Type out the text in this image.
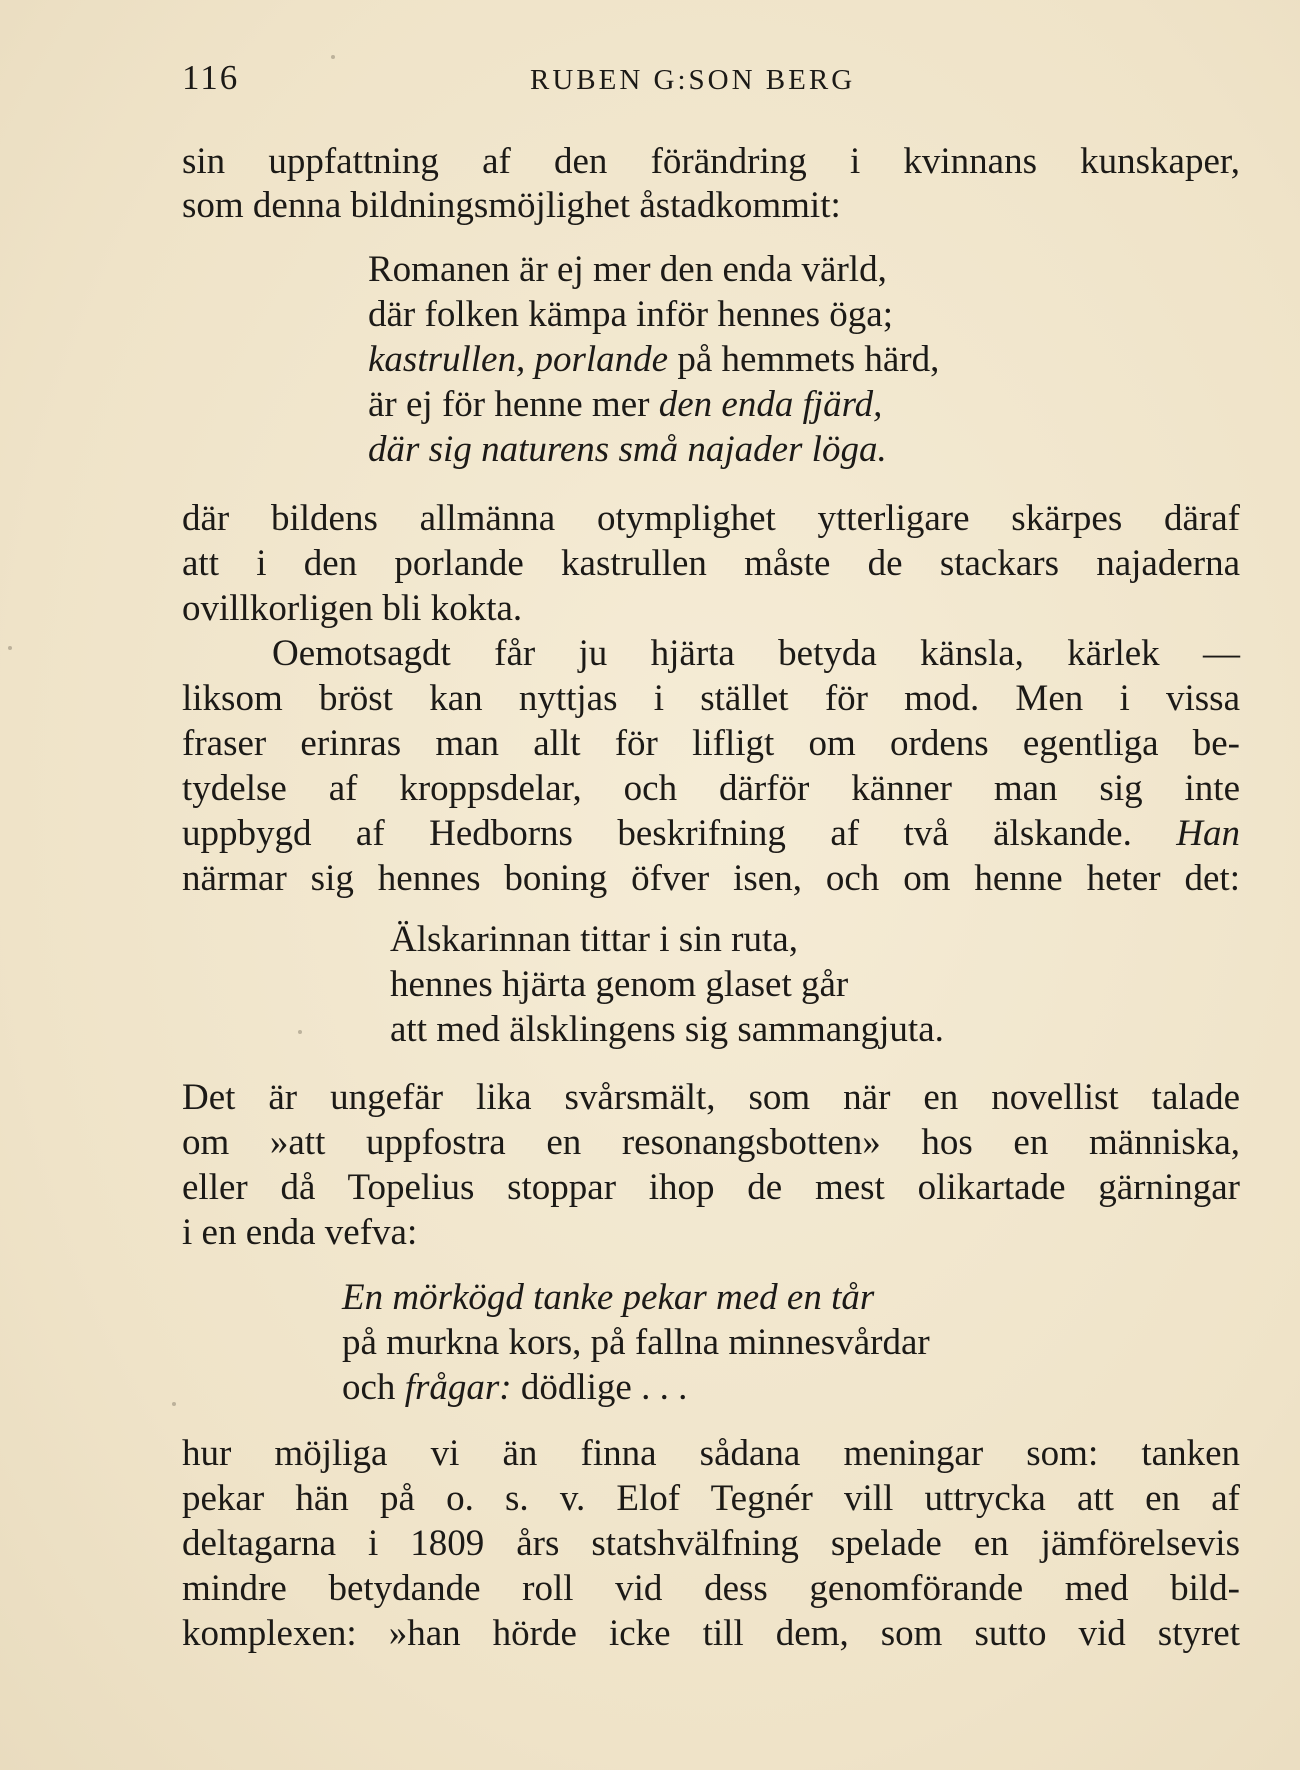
116	RUBEN G:SON BERG
sin uppfattning af den förändring i kvinnans kunskaper,
som denna bildningsmöjlighet åstadkommit:
Romanen är ej mer den enda värld,
där folken kämpa inför hennes öga;
kastrullen, porlande på hemmets härd,
är ej för henne mer den enda fjärd,
där sig naturens små najader löga.
där bildens allmänna otymplighet ytterligare skärpes däraf
att i den porlande kastrullen måste de stackars najaderna
ovillkorligen bli kokta.
Oemotsagdt får ju hjärta betyda känsla, kärlek —
liksom bröst kan nyttjas i stället för mod. Men i vissa
fraser erinras man allt för lifligt om ordens egentliga be-
tydelse af kroppsdelar, och därför känner man sig inte
uppbygd af Hedborns beskrifning af två älskande. Han
närmar sig hennes boning öfver isen, och om henne heter det:
Älskarinnan tittar i sin ruta,
hennes hjärta genom glaset går
att med älsklingens sig sammangjuta.
Det är ungefär lika svårsmält, som när en novellist talade
om »att uppfostra en resonangsbotten» hos en människa,
eller då Topelius stoppar ihop de mest olikartade gärningar
i en enda vefva:
En mörkögd tanke pekar med en tår
på murkna kors, på fallna minnesvårdar
och frågar: dödlige . . .
hur möjliga vi än finna sådana meningar som: tanken
pekar hän på o. s. v. Elof Tegnér vill uttrycka att en af
deltagarna i 1809 års statshvälfning spelade en jämförelsevis
mindre betydande roll vid dess genomförande med bild-
komplexen: »han hörde icke till dem, som sutto vid styret
